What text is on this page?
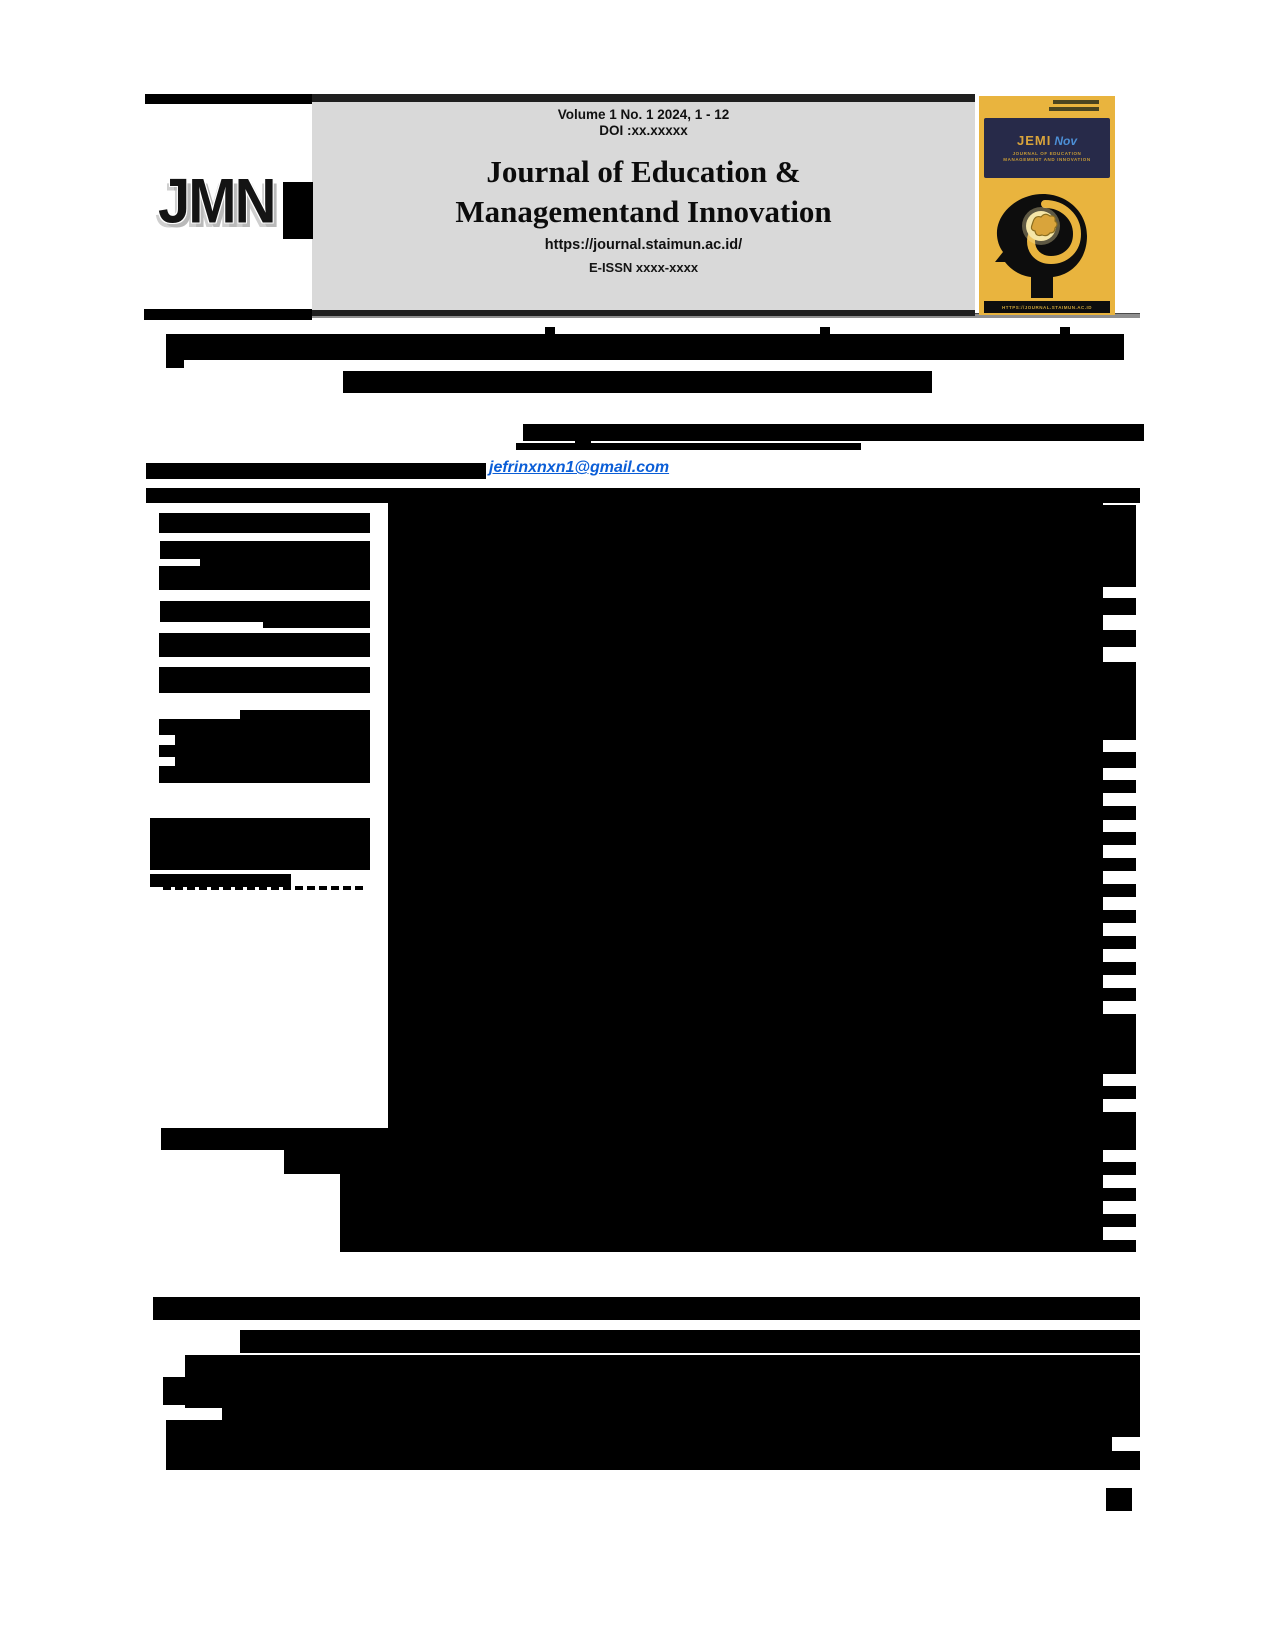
JMN
Volume 1 No. 1 2024, 1 - 12
DOI :xx.xxxxx
Journal of Education &
Managementand Innovation
https://journal.staimun.ac.id/
E-ISSN xxxx-xxxx
JEMI Nov
JOURNAL OF EDUCATION
MANAGEMENT AND INNOVATION
HTTPS://JOURNAL.STAIMUN.AC.ID
jefrinxnxn1@gmail.com
